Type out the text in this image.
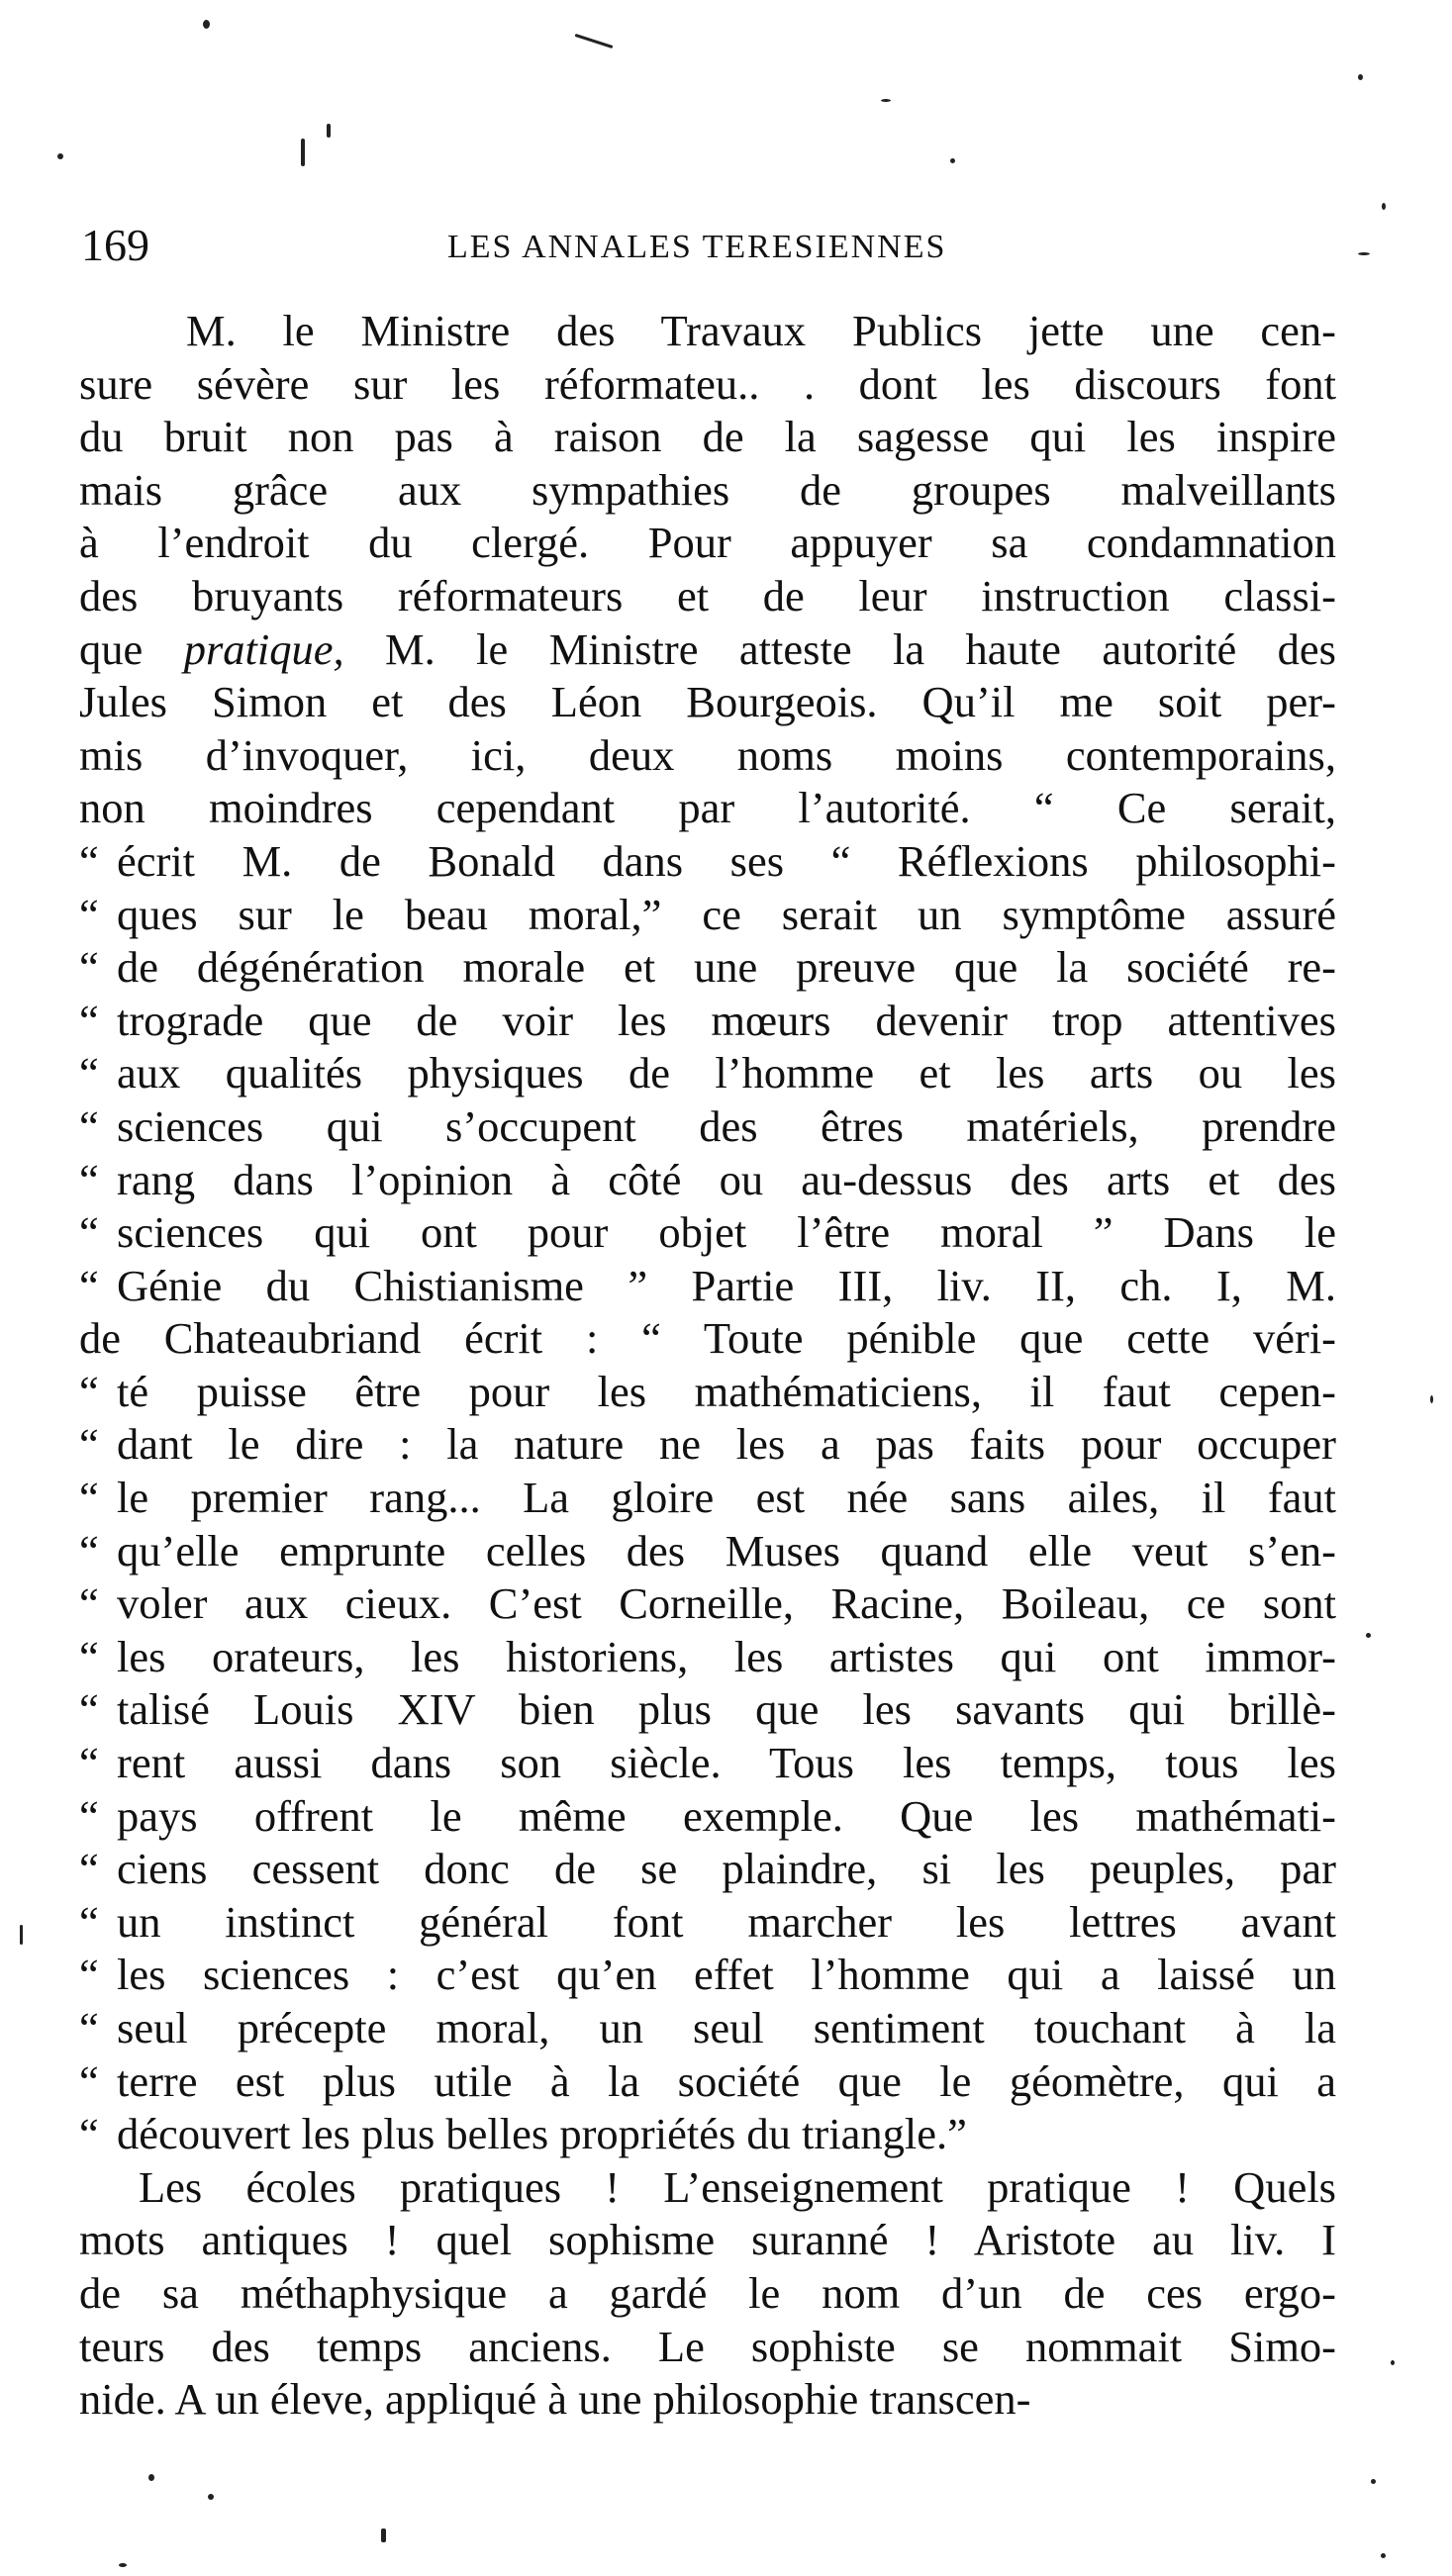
169	LES ANNALES TERESIENNES
M. le Ministre des Travaux Publics jette une cen-
sure sévère sur les réformateu.. . dont les discours font
du bruit non pas à raison de la sagesse qui les inspire
mais grâce aux sympathies de groupes malveillants
à l’endroit du clergé. Pour appuyer sa condamnation
des bruyants réformateurs et de leur instruction classi-
que pratique, M. le Ministre atteste la haute autorité des
Jules Simon et des Léon Bourgeois. Qu’il me soit per-
mis d’invoquer, ici, deux noms moins contemporains,
non moindres cependant par l’autorité. “ Ce serait,
“ écrit M. de Bonald dans ses “ Réflexions philosophi-
“ ques sur le beau moral,” ce serait un symptôme assuré
“ de dégénération morale et une preuve que la société re-
“ trograde que de voir les mœurs devenir trop attentives
“ aux qualités physiques de l’homme et les arts ou les
“ sciences qui s’occupent des êtres matériels, prendre
“ rang dans l’opinion à côté ou au-dessus des arts et des
“ sciences qui ont pour objet l’être moral ” Dans le
“ Génie du Chistianisme ” Partie III, liv. II, ch. I, M.
de Chateaubriand écrit : “ Toute pénible que cette véri-
“ té puisse être pour les mathématiciens, il faut cepen-
“ dant le dire : la nature ne les a pas faits pour occuper
“ le premier rang... La gloire est née sans ailes, il faut
“ qu’elle emprunte celles des Muses quand elle veut s’en-
“ voler aux cieux. C’est Corneille, Racine, Boileau, ce sont
“ les orateurs, les historiens, les artistes qui ont immor-
“ talisé Louis XIV bien plus que les savants qui brillè-
“ rent aussi dans son siècle. Tous les temps, tous les
“ pays offrent le même exemple. Que les mathémati-
“ ciens cessent donc de se plaindre, si les peuples, par
“ un instinct général font marcher les lettres avant
“ les sciences : c’est qu’en effet l’homme qui a laissé un
“ seul précepte moral, un seul sentiment touchant à la
“ terre est plus utile à la société que le géomètre, qui a
“ découvert les plus belles propriétés du triangle.”
Les écoles pratiques ! L’enseignement pratique ! Quels
mots antiques ! quel sophisme suranné ! Aristote au liv. I
de sa méthaphysique a gardé le nom d’un de ces ergo-
teurs des temps anciens. Le sophiste se nommait Simo-
nide. A un éleve, appliqué à une philosophie transcen-
